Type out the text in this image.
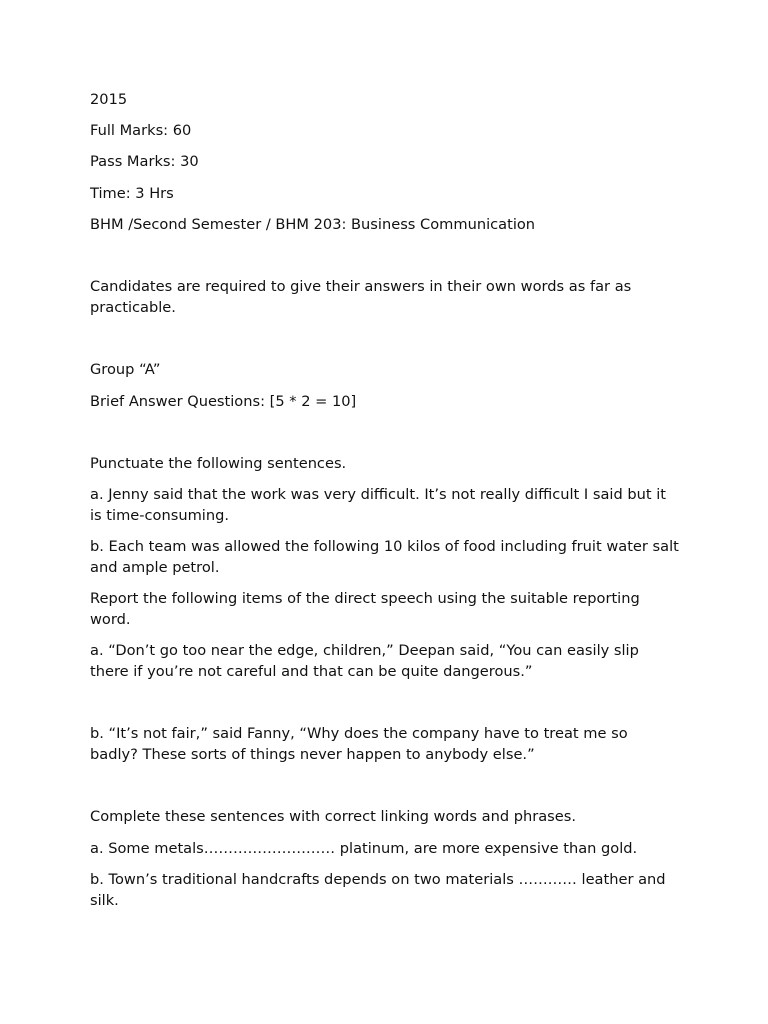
2015

Full Marks: 60

Pass Marks: 30

Time: 3 Hrs

BHM /Second Semester / BHM 203: Business Communication

Candidates are required to give their answers in their own words as far as practicable.

Group “A”

Brief Answer Questions: [5 * 2 = 10]

Punctuate the following sentences.

a. Jenny said that the work was very difficult. It’s not really difficult I said but it is time-consuming.

b. Each team was allowed the following 10 kilos of food including fruit water salt and ample petrol.

Report the following items of the direct speech using the suitable reporting word.

a. “Don’t go too near the edge, children,” Deepan said, “You can easily slip there if you’re not careful and that can be quite dangerous.”

b. “It’s not fair,” said Fanny, “Why does the company have to treat me so badly? These sorts of things never happen to anybody else.”

Complete these sentences with correct linking words and phrases.

a. Some metals……………………… platinum, are more expensive than gold.

b. Town’s traditional handcrafts depends on two materials ………… leather and silk.
